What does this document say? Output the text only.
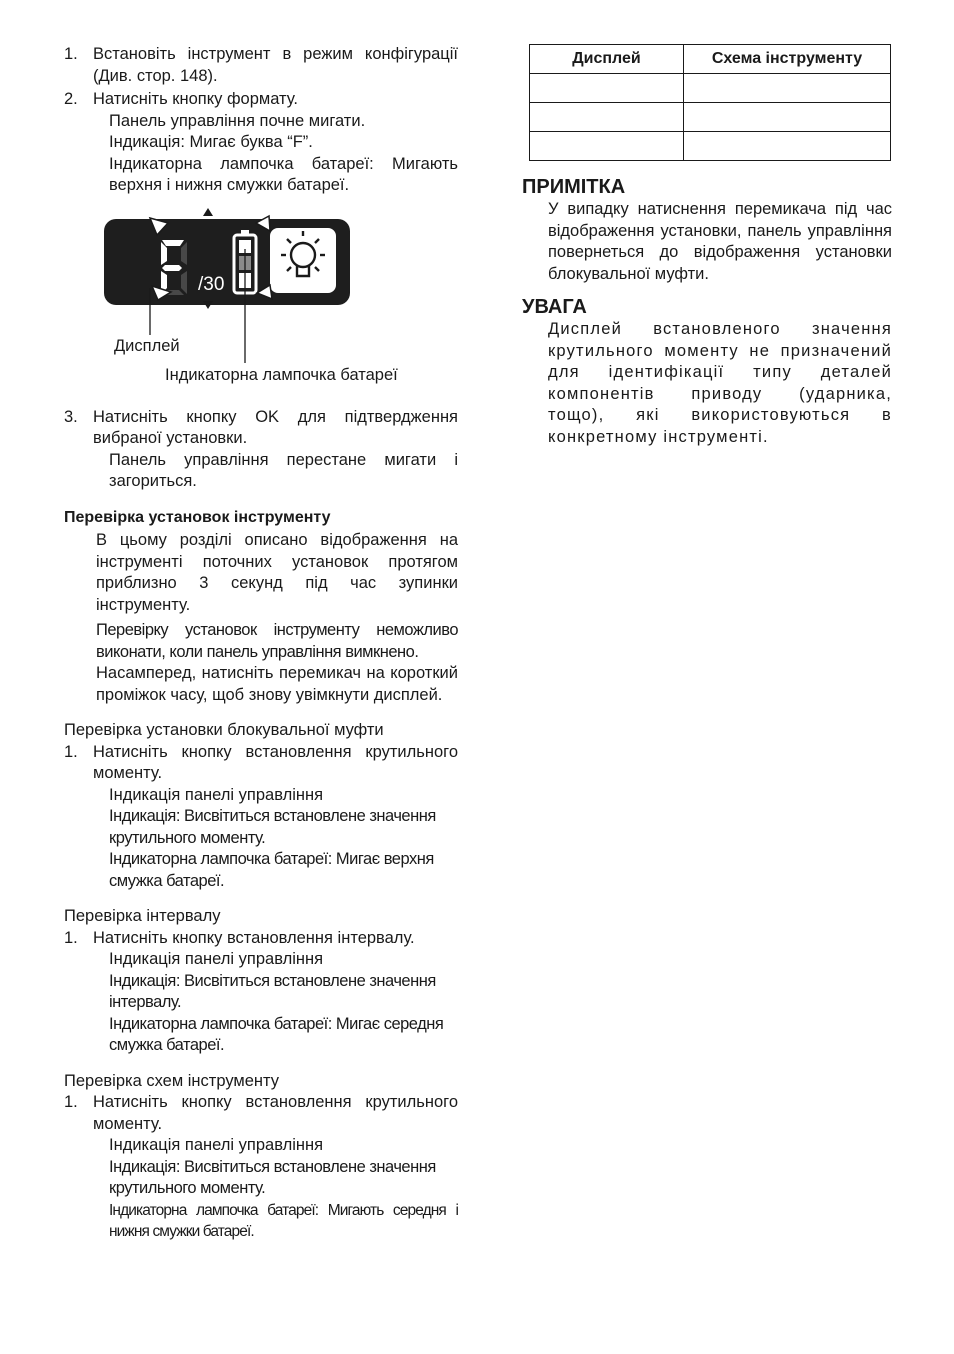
1. Встановіть інструмент в режим конфігурації (Див. стор. 148).
2. Натисніть кнопку формату.
Панель управління почне мигати.
Індикація: Мигає буква “F”.
Індикаторна лампочка батареї: Мигають верхня і нижня смужки батареї.
/30
Дисплей
Індикаторна лампочка батареї
3. Натисніть кнопку OK для підтвердження вибраної установки.
Панель управління перестане мигати і загориться.
Перевірка установок інструменту
В цьому розділі описано відображення на інструменті поточних установок протягом приблизно 3 секунд під час зупинки інструменту.
Перевірку установок інструменту неможливо виконати, коли панель управління вимкнено.
Насамперед, натисніть перемикач на короткий проміжок часу, щоб знову увімкнути дисплей.
Перевірка установки блокувальної муфти
1. Натисніть кнопку встановлення крутильного моменту.
Індикація панелі управління
Індикація: Висвітиться встановлене значення крутильного моменту.
Індикаторна лампочка батареї: Мигає верхня смужка батареї.
Перевірка інтервалу
1. Натисніть кнопку встановлення інтервалу.
Індикація панелі управління
Індикація: Висвітиться встановлене значення інтервалу.
Індикаторна лампочка батареї: Мигає середня смужка батареї.
Перевірка схем інструменту
1. Натисніть кнопку встановлення крутильного моменту.
Індикація панелі управління
Індикація: Висвітиться встановлене значення крутильного моменту.
Індикаторна лампочка батареї: Мигають середня і нижня смужки батареї.
Дисплей	Схема інструменту

ПРИМІТКА
У випадку натиснення перемикача під час відображення установки, панель управління повернеться до відображення установки блокувальної муфти.
УВАГА
Дисплей встановленого значення крутильного моменту не призначений для ідентифікації типу деталей компонентів приводу (ударника, тощо), які використовуються в конкретному інструменті.
